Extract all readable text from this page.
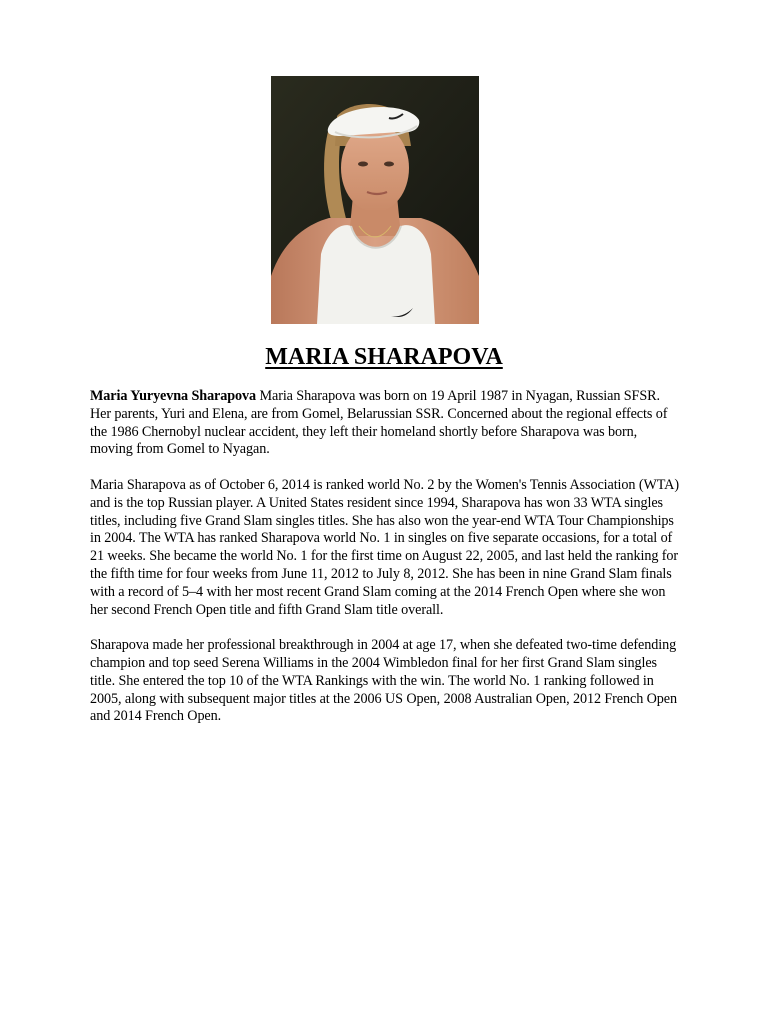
MARIA SHARAPOVA

Maria Yuryevna Sharapova Maria Sharapova was born on 19 April 1987 in Nyagan, Russian SFSR. Her parents, Yuri and Elena, are from Gomel, Belarussian SSR. Concerned about the regional effects of the 1986 Chernobyl nuclear accident, they left their homeland shortly before Sharapova was born, moving from Gomel to Nyagan.

Maria Sharapova as of October 6, 2014 is ranked world No. 2 by the Women's Tennis Association (WTA) and is the top Russian player. A United States resident since 1994, Sharapova has won 33 WTA singles titles, including five Grand Slam singles titles. She has also won the year-end WTA Tour Championships in 2004. The WTA has ranked Sharapova world No. 1 in singles on five separate occasions, for a total of 21 weeks. She became the world No. 1 for the first time on August 22, 2005, and last held the ranking for the fifth time for four weeks from June 11, 2012 to July 8, 2012. She has been in nine Grand Slam finals with a record of 5–4 with her most recent Grand Slam coming at the 2014 French Open where she won her second French Open title and fifth Grand Slam title overall.

Sharapova made her professional breakthrough in 2004 at age 17, when she defeated two-time defending champion and top seed Serena Williams in the 2004 Wimbledon final for her first Grand Slam singles title. She entered the top 10 of the WTA Rankings with the win. The world No. 1 ranking followed in 2005, along with subsequent major titles at the 2006 US Open, 2008 Australian Open, 2012 French Open and 2014 French Open.
